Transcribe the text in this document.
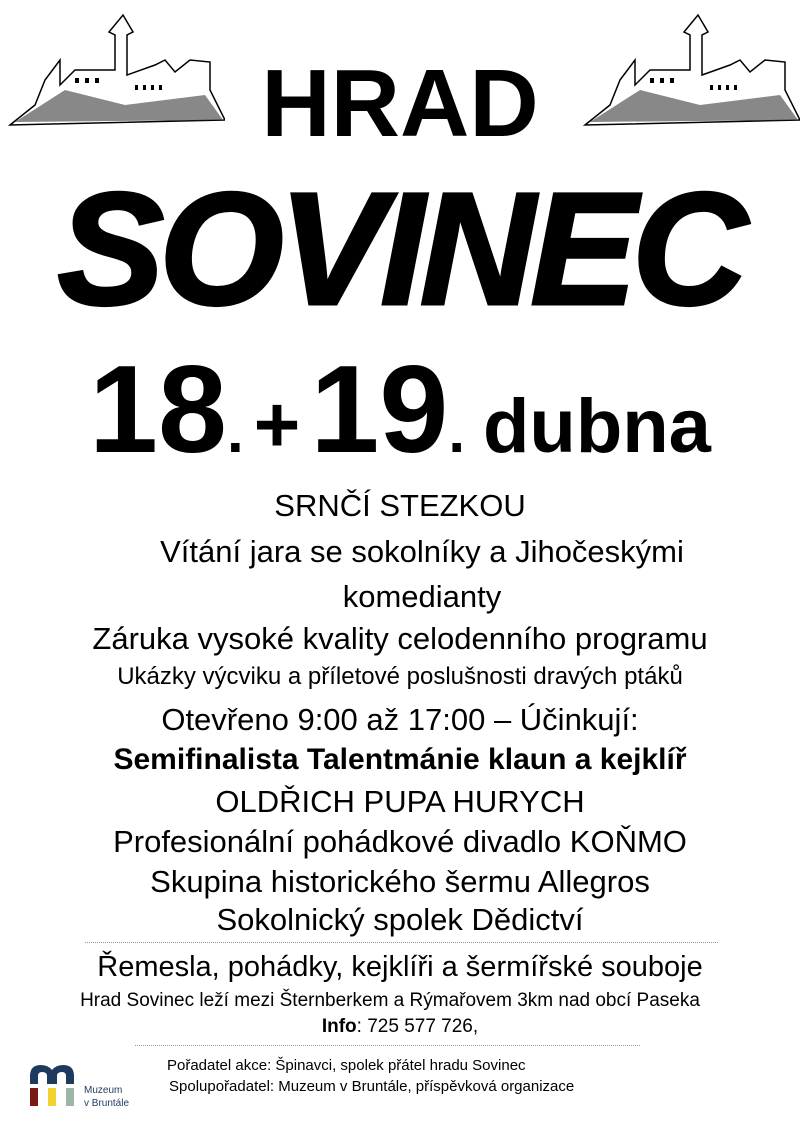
HRAD
SOVINEC
18 . + 19 . dubna
SRNČÍ STEZKOU
Vítání jara se sokolníky a Jihočeskými
komedianty
Záruka vysoké kvality celodenního programu
Ukázky výcviku a příletové poslušnosti dravých ptáků
Otevřeno 9:00 až 17:00 – Účinkují:
Semifinalista Talentmánie klaun a kejklíř
OLDŘICH PUPA HURYCH
Profesionální pohádkové divadlo KOŇMO
Skupina historického šermu Allegros
Sokolnický spolek Dědictví
Řemesla, pohádky, kejklíři a šermířské souboje
Hrad Sovinec leží mezi Šternberkem a Rýmařovem 3km nad obcí Paseka
Info: 725 577 726,
Muzeum
v Bruntále
Pořadatel akce: Špinavci, spolek přátel hradu Sovinec
Spolupořadatel: Muzeum v Bruntále, příspěvková organizace
